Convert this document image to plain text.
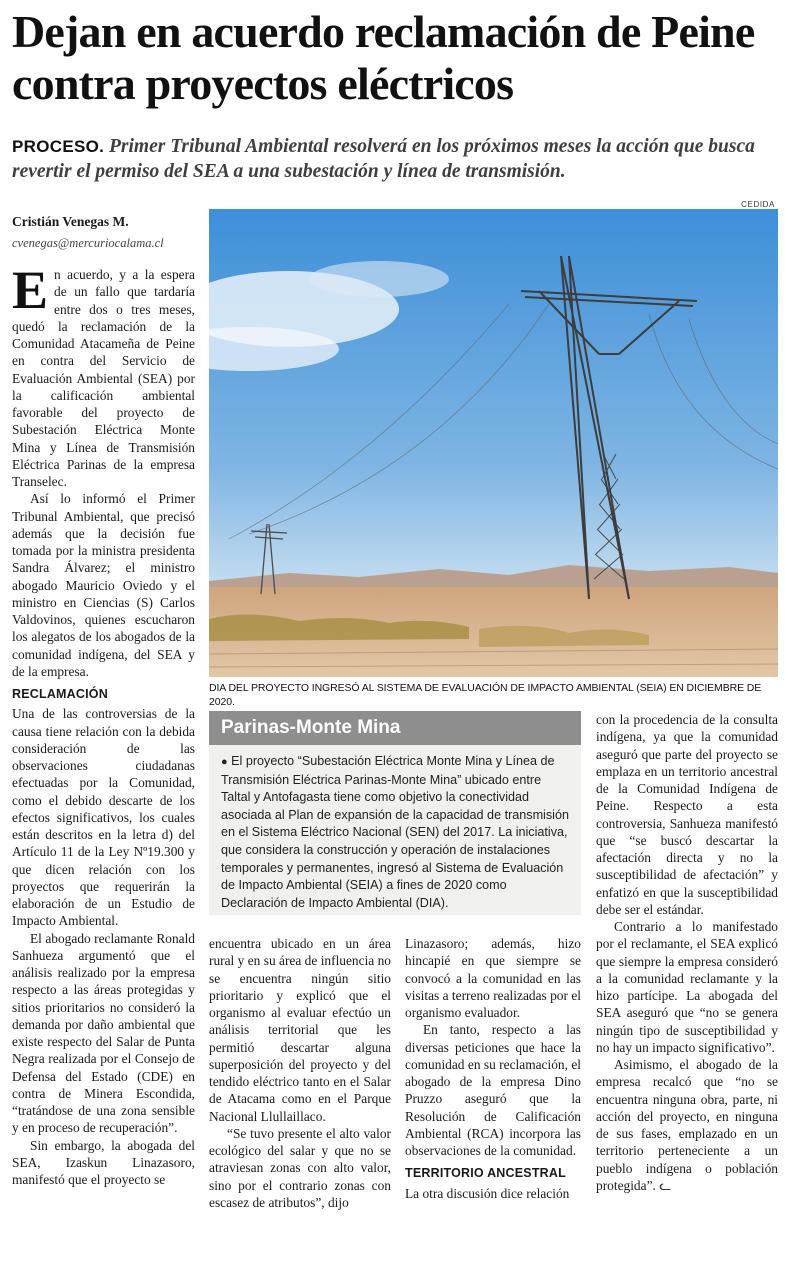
Dejan en acuerdo reclamación de Peine contra proyectos eléctricos
PROCESO. Primer Tribunal Ambiental resolverá en los próximos meses la acción que busca revertir el permiso del SEA a una subestación y línea de transmisión.
Cristián Venegas M.
cvenegas@mercuriocalama.cl
CEDIDA
DIA DEL PROYECTO INGRESÓ AL SISTEMA DE EVALUACIÓN DE IMPACTO AMBIENTAL (SEIA) EN DICIEMBRE DE 2020.

En acuerdo, y a la espera de un fallo que tardaría entre dos o tres meses, quedó la reclamación de la Comunidad Atacameña de Peine en contra del Servicio de Evaluación Ambiental (SEA) por la calificación ambiental favorable del proyecto de Subestación Eléctrica Monte Mina y Línea de Transmisión Eléctrica Parinas de la empresa Transelec.

Así lo informó el Primer Tribunal Ambiental, que precisó además que la decisión fue tomada por la ministra presidenta Sandra Álvarez; el ministro abogado Mauricio Oviedo y el ministro en Ciencias (S) Carlos Valdovinos, quienes escucharon los alegatos de los abogados de la comunidad indígena, del SEA y de la empresa.

RECLAMACIÓN

Una de las controversias de la causa tiene relación con la debida consideración de las observaciones ciudadanas efectuadas por la Comunidad, como el debido descarte de los efectos significativos, los cuales están descritos en la letra d) del Artículo 11 de la Ley Nº19.300 y que dicen relación con los proyectos que requerirán la elaboración de un Estudio de Impacto Ambiental.

El abogado reclamante Ronald Sanhueza argumentó que el análisis realizado por la empresa respecto a las áreas protegidas y sitios prioritarios no consideró la demanda por daño ambiental que existe respecto del Salar de Punta Negra realizada por el Consejo de Defensa del Estado (CDE) en contra de Minera Escondida, “tratándose de una zona sensible y en proceso de recuperación”.

Sin embargo, la abogada del SEA, Izaskun Linazasoro, manifestó que el proyecto se

Parinas-Monte Mina
● El proyecto “Subestación Eléctrica Monte Mina y Línea de Transmisión Eléctrica Parinas-Monte Mina” ubicado entre Taltal y Antofagasta tiene como objetivo la conectividad asociada al Plan de expansión de la capacidad de transmisión en el Sistema Eléctrico Nacional (SEN) del 2017. La iniciativa, que considera la construcción y operación de instalaciones temporales y permanentes, ingresó al Sistema de Evaluación de Impacto Ambiental (SEIA) a fines de 2020 como Declaración de Impacto Ambiental (DIA).

encuentra ubicado en un área rural y en su área de influencia no se encuentra ningún sitio prioritario y explicó que el organismo al evaluar efectúo un análisis territorial que les permitió descartar alguna superposición del proyecto y del tendido eléctrico tanto en el Salar de Atacama como en el Parque Nacional Llullaillaco.

“Se tuvo presente el alto valor ecológico del salar y que no se atraviesan zonas con alto valor, sino por el contrario zonas con escasez de atributos”, dijo

Linazasoro; además, hizo hincapié en que siempre se convocó a la comunidad en las visitas a terreno realizadas por el organismo evaluador.

En tanto, respecto a las diversas peticiones que hace la comunidad en su reclamación, el abogado de la empresa Dino Pruzzo aseguró que la Resolución de Calificación Ambiental (RCA) incorpora las observaciones de la comunidad.

TERRITORIO ANCESTRAL

La otra discusión dice relación

con la procedencia de la consulta indígena, ya que la comunidad aseguró que parte del proyecto se emplaza en un territorio ancestral de la Comunidad Indígena de Peine. Respecto a esta controversia, Sanhueza manifestó que “se buscó descartar la afectación directa y no la susceptibilidad de afectación” y enfatizó en que la susceptibilidad debe ser el estándar.

Contrario a lo manifestado por el reclamante, el SEA explicó que siempre la empresa consideró a la comunidad reclamante y la hizo partícipe. La abogada del SEA aseguró que “no se genera ningún tipo de susceptibilidad y no hay un impacto significativo”.

Asimismo, el abogado de la empresa recalcó que “no se encuentra ninguna obra, parte, ni acción del proyecto, en ninguna de sus fases, emplazado en un territorio perteneciente a un pueblo indígena o población protegida”. ᓚ
